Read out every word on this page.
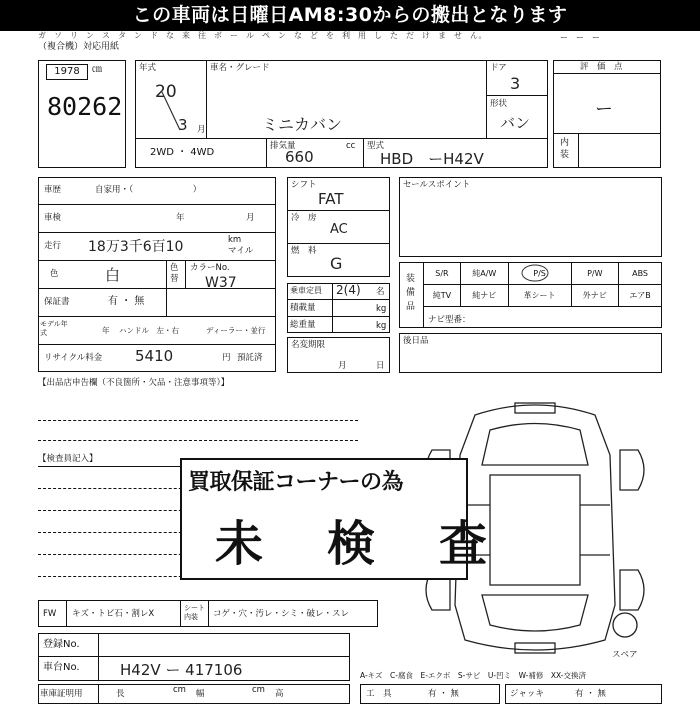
この車両は日曜日AM8:30からの搬出となります
ガ　ソ　リ　ン　ス　タ　ン　ド　な　来　往　ボ　ー　ル　ペ　ン　な　ど　を　利　用　し　た　だ　け　ま　せ　ん。
（複合機）対応用紙
ー　ー　ー
1978	㎝
80262
年式
20
3 月
車名・グレード
ミニカバン
ドア
3
形状
バン
2WD ・ 4WD
排気量
660
cc 型式
HBD　ーH42V
評　価　点
ー
内装
車歴	自家用・（　　　　　　　）
車検	年	月
走行 18万3千6百10	km
マイル
色	白	色替
カラーNo.
W37
保証書	有 ・ 無
モデル年式	年 ハンドル　左・右	ディーラー・並行
リサイクル料金 5410	円 預託済
シフト
FAT
冷　房
AC
燃　料
G
乗車定員 2(4) 名
積載量	kg
総重量	kg
名変期限
月	日
セールスポイント
装備品
S/R	純A/W	P/S	P/W	ABS
純TV	純ナビ	革シート	外ナビ	エアB
ナビ型番：
後日品
【出品店申告欄（不良箇所・欠品・注意事項等）】
【検査員記入】
買取保証コーナーの為
未　検　査
FW キズ・トビ石・割レX
シート内装	コゲ・穴・汚レ・シミ・破レ・スレ
登録No.
車台No.	H42V ー 417106
車庫証明用	長	cm 幅	cm 高
スペア
A-キズ　C-腐食　E-エクボ　S-サビ　U-凹ミ　W-補修　XX-交換済
工　具	有 ・ 無	ジャッキ	有 ・ 無
